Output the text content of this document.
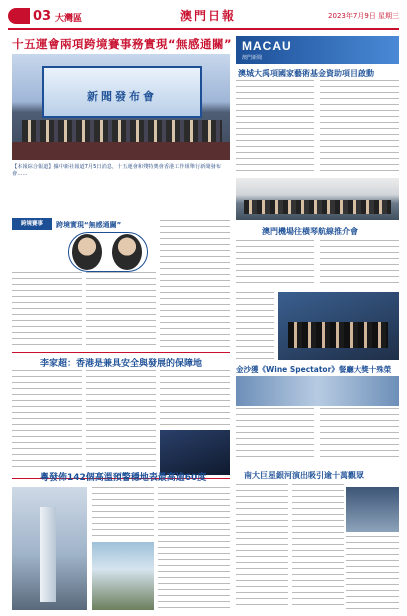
03 大灣區	澳門日報	2023年7月9日 星期三
十五運會兩項跨境賽事務實現“無感通關”
新聞發布會
【本報綜合報道】據中新社報道7月5日消息，十五運會和殘特奧會香港工作組舉行新聞發布會……
跨境賽事	跨境實現“無感通關”
MACAU
澳門新聞
澳城大禹項國家藝術基金資助項目啟動
澳門機場往橫琴航線推介會
金沙獲《Wine Spectator》餐廳大獎十殊榮
南大巨星銀河演出吸引逾十萬觀眾
李家超：香港是兼具安全與發展的保障地
粵發佈142個高溫預警穩地表最高逾60度
